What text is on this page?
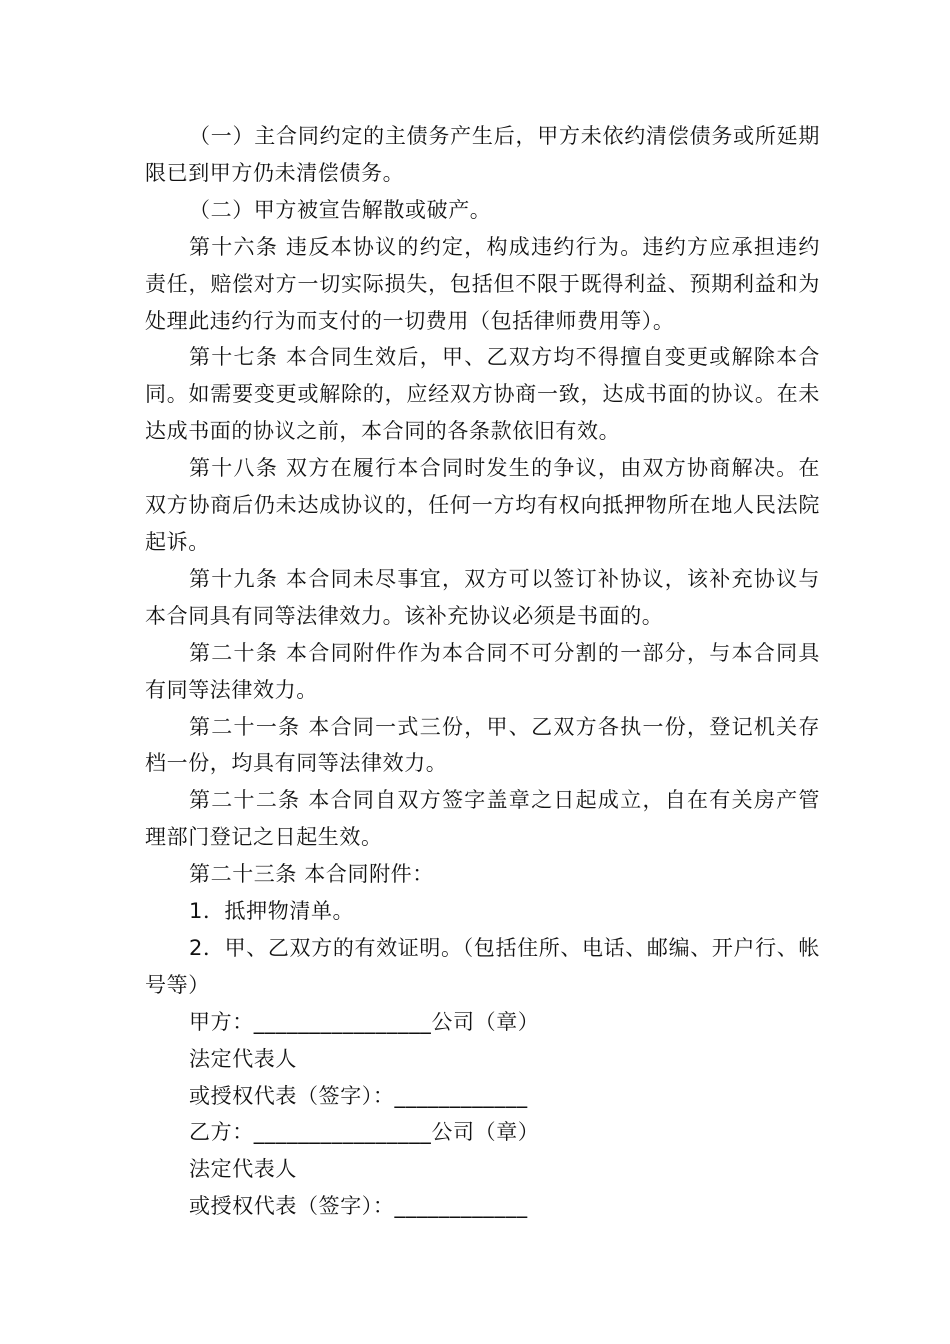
（一）主合同约定的主债务产生后，甲方未依约清偿债务或所延期限已到甲方仍未清偿债务。

（二）甲方被宣告解散或破产。

第十六条 违反本协议的约定，构成违约行为。违约方应承担违约责任，赔偿对方一切实际损失，包括但不限于既得利益、预期利益和为处理此违约行为而支付的一切费用（包括律师费用等）。

第十七条 本合同生效后，甲、乙双方均不得擅自变更或解除本合同。如需要变更或解除的，应经双方协商一致，达成书面的协议。在未达成书面的协议之前，本合同的各条款依旧有效。

第十八条 双方在履行本合同时发生的争议，由双方协商解决。在双方协商后仍未达成协议的，任何一方均有权向抵押物所在地人民法院起诉。

第十九条 本合同未尽事宜，双方可以签订补协议，该补充协议与本合同具有同等法律效力。该补充协议必须是书面的。

第二十条 本合同附件作为本合同不可分割的一部分，与本合同具有同等法律效力。

第二十一条 本合同一式三份，甲、乙双方各执一份，登记机关存档一份，均具有同等法律效力。

第二十二条 本合同自双方签字盖章之日起成立，自在有关房产管理部门登记之日起生效。

第二十三条 本合同附件：

1．抵押物清单。

2．甲、乙双方的有效证明。（包括住所、电话、邮编、开户行、帐号等）

甲方：________________公司（章）
法定代表人
或授权代表（签字）：____________
乙方：________________公司（章）
法定代表人
或授权代表（签字）：____________
